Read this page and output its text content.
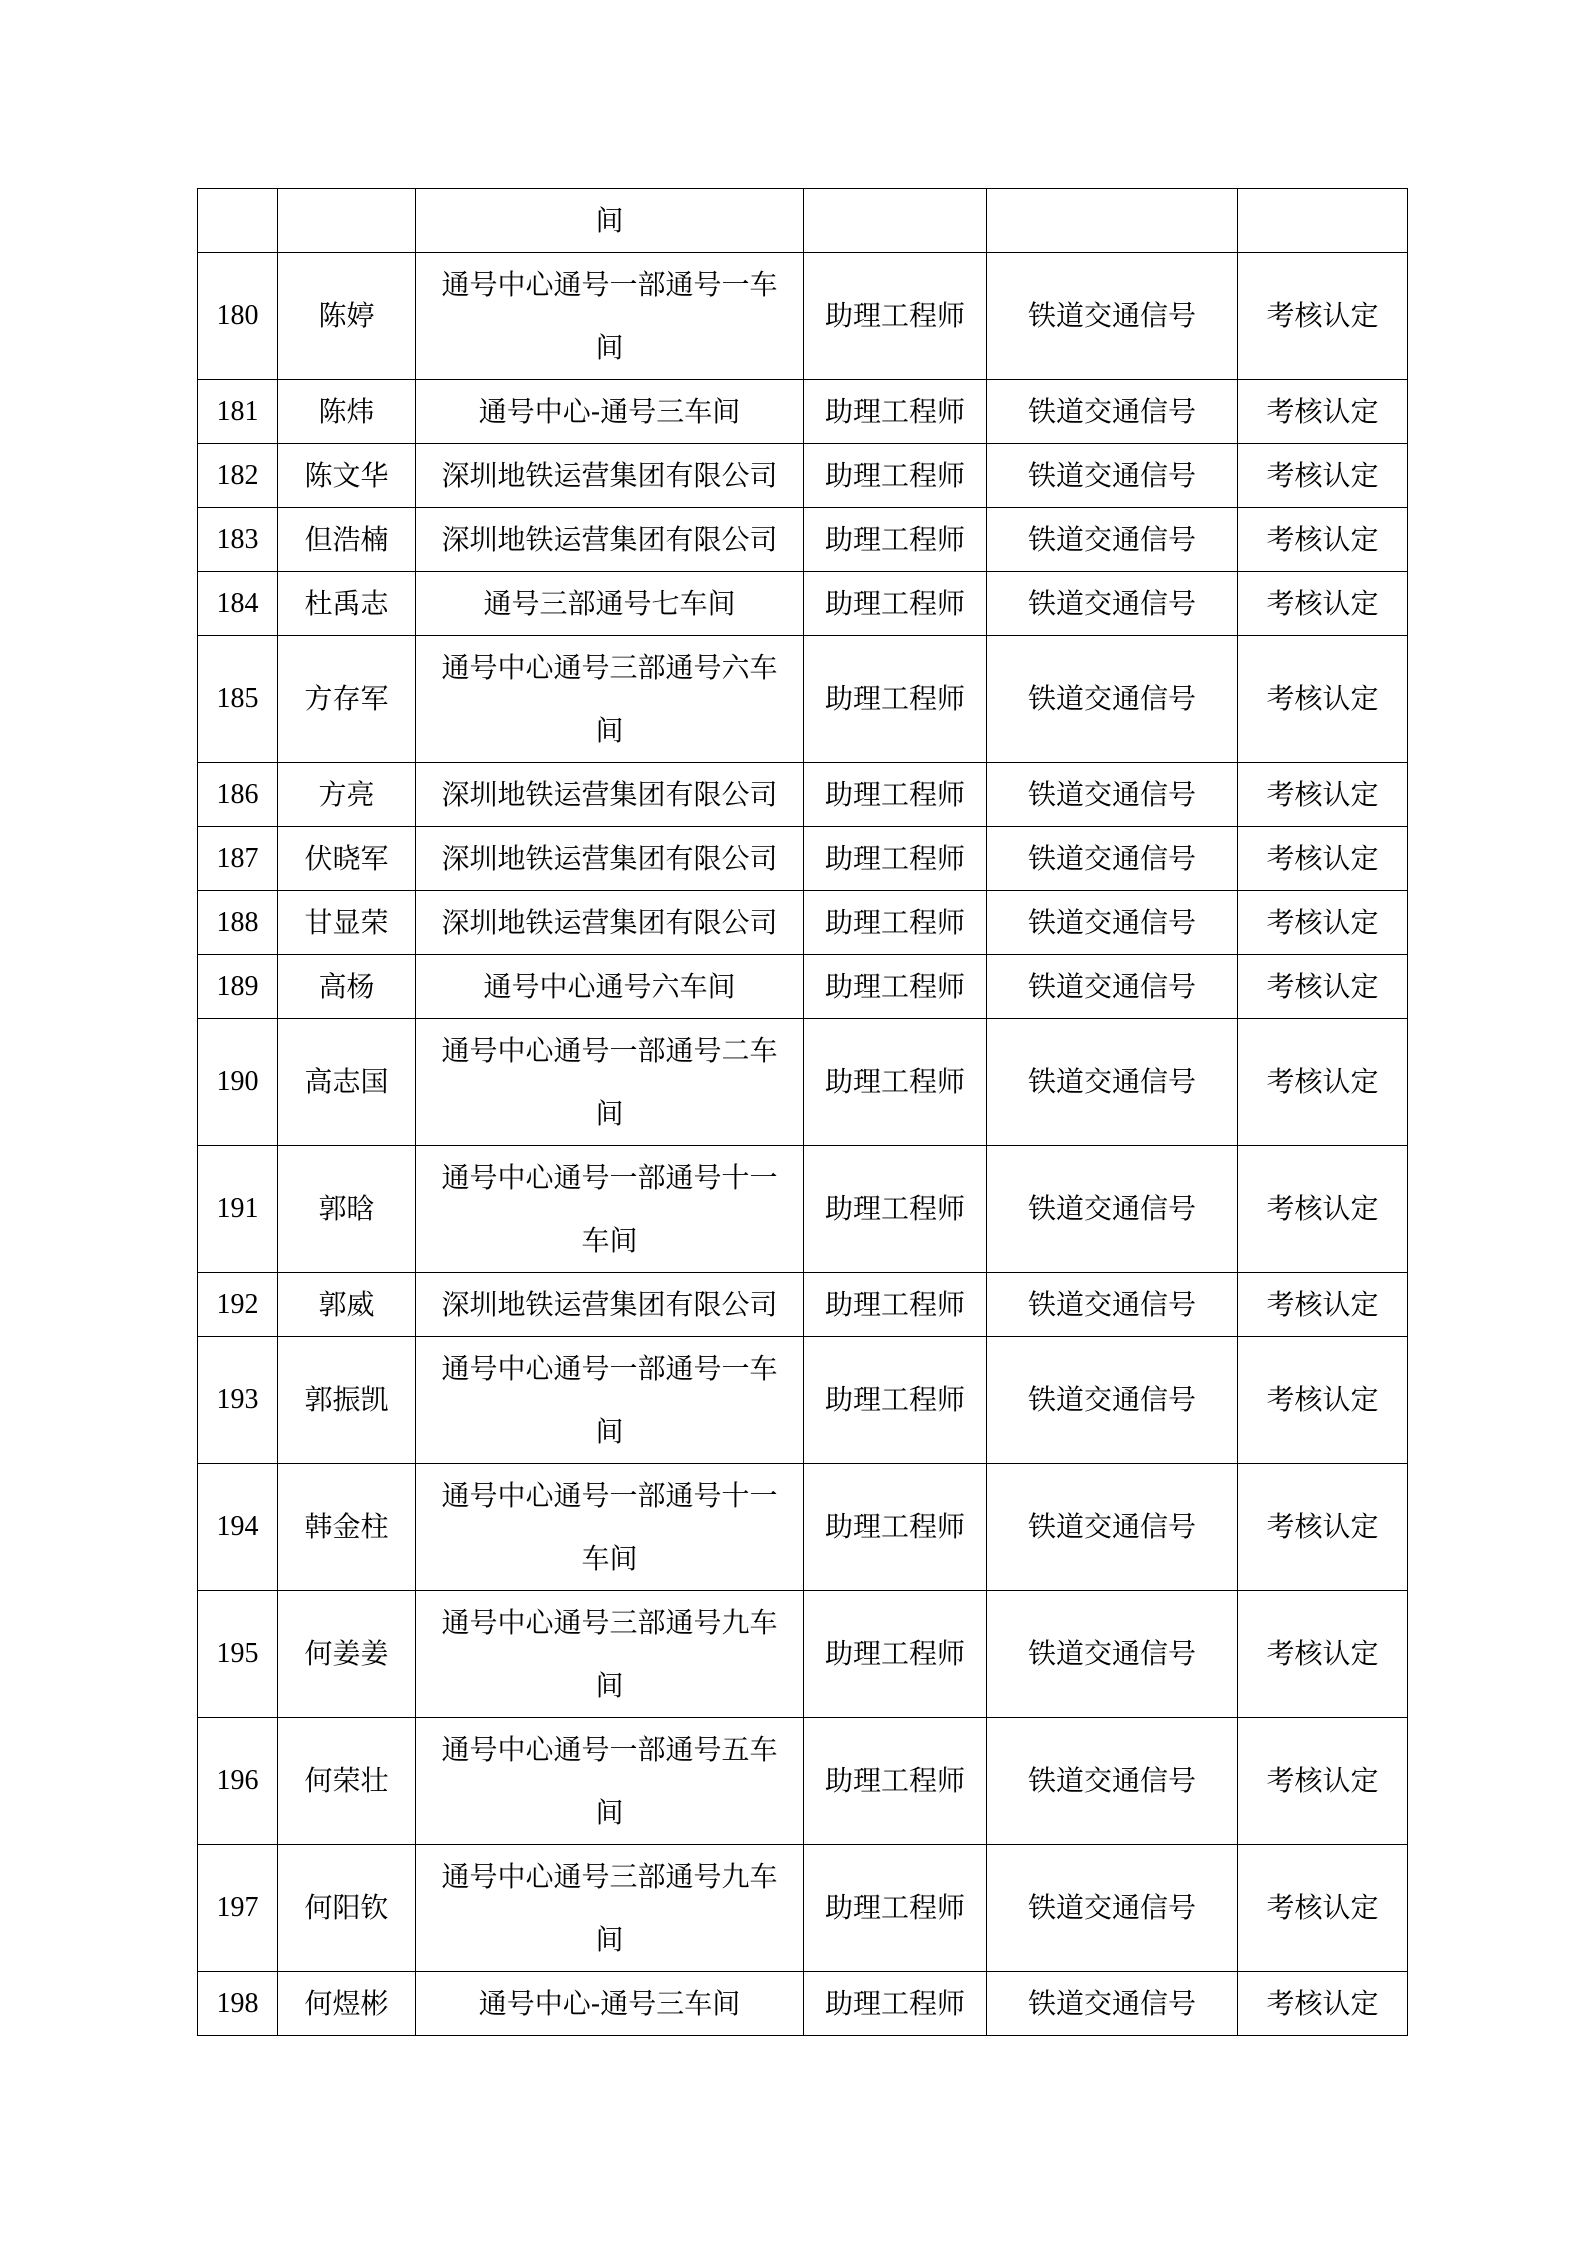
		间			
180	陈婷	通号中心通号一部通号一车间	助理工程师	铁道交通信号	考核认定
181	陈炜	通号中心-通号三车间	助理工程师	铁道交通信号	考核认定
182	陈文华	深圳地铁运营集团有限公司	助理工程师	铁道交通信号	考核认定
183	但浩楠	深圳地铁运营集团有限公司	助理工程师	铁道交通信号	考核认定
184	杜禹志	通号三部通号七车间	助理工程师	铁道交通信号	考核认定
185	方存军	通号中心通号三部通号六车间	助理工程师	铁道交通信号	考核认定
186	方亮	深圳地铁运营集团有限公司	助理工程师	铁道交通信号	考核认定
187	伏晓军	深圳地铁运营集团有限公司	助理工程师	铁道交通信号	考核认定
188	甘显荣	深圳地铁运营集团有限公司	助理工程师	铁道交通信号	考核认定
189	高杨	通号中心通号六车间	助理工程师	铁道交通信号	考核认定
190	高志国	通号中心通号一部通号二车间	助理工程师	铁道交通信号	考核认定
191	郭晗	通号中心通号一部通号十一车间	助理工程师	铁道交通信号	考核认定
192	郭威	深圳地铁运营集团有限公司	助理工程师	铁道交通信号	考核认定
193	郭振凯	通号中心通号一部通号一车间	助理工程师	铁道交通信号	考核认定
194	韩金柱	通号中心通号一部通号十一车间	助理工程师	铁道交通信号	考核认定
195	何姜姜	通号中心通号三部通号九车间	助理工程师	铁道交通信号	考核认定
196	何荣壮	通号中心通号一部通号五车间	助理工程师	铁道交通信号	考核认定
197	何阳钦	通号中心通号三部通号九车间	助理工程师	铁道交通信号	考核认定
198	何煜彬	通号中心-通号三车间	助理工程师	铁道交通信号	考核认定
